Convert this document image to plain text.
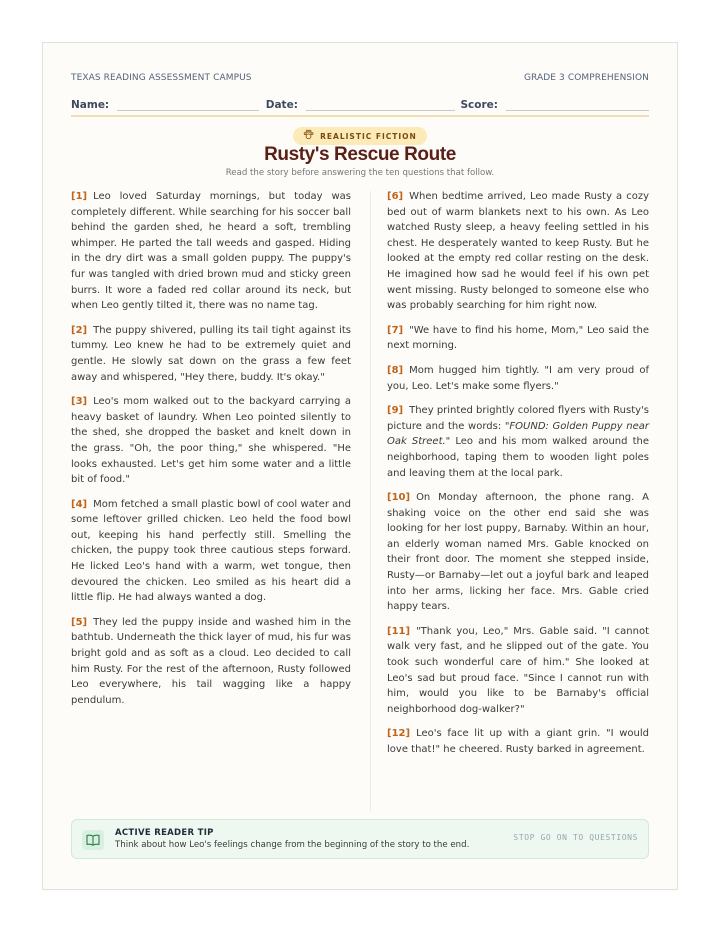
TEXAS READING ASSESSMENT CAMPUS	GRADE 3 COMPREHENSION
Name:	Date:	Score:
REALISTIC FICTION
Rusty's Rescue Route
Read the story before answering the ten questions that follow.

[1] Leo loved Saturday mornings, but today was completely different. While searching for his soccer ball behind the garden shed, he heard a soft, trembling whimper. He parted the tall weeds and gasped. Hiding in the dry dirt was a small golden puppy. The puppy's fur was tangled with dried brown mud and sticky green burrs. It wore a faded red collar around its neck, but when Leo gently tilted it, there was no name tag.

[2] The puppy shivered, pulling its tail tight against its tummy. Leo knew he had to be extremely quiet and gentle. He slowly sat down on the grass a few feet away and whispered, "Hey there, buddy. It's okay."

[3] Leo's mom walked out to the backyard carrying a heavy basket of laundry. When Leo pointed silently to the shed, she dropped the basket and knelt down in the grass. "Oh, the poor thing," she whispered. "He looks exhausted. Let's get him some water and a little bit of food."

[4] Mom fetched a small plastic bowl of cool water and some leftover grilled chicken. Leo held the food bowl out, keeping his hand perfectly still. Smelling the chicken, the puppy took three cautious steps forward. He licked Leo's hand with a warm, wet tongue, then devoured the chicken. Leo smiled as his heart did a little flip. He had always wanted a dog.

[5] They led the puppy inside and washed him in the bathtub. Underneath the thick layer of mud, his fur was bright gold and as soft as a cloud. Leo decided to call him Rusty. For the rest of the afternoon, Rusty followed Leo everywhere, his tail wagging like a happy pendulum.

[6] When bedtime arrived, Leo made Rusty a cozy bed out of warm blankets next to his own. As Leo watched Rusty sleep, a heavy feeling settled in his chest. He desperately wanted to keep Rusty. But he looked at the empty red collar resting on the desk. He imagined how sad he would feel if his own pet went missing. Rusty belonged to someone else who was probably searching for him right now.

[7] "We have to find his home, Mom," Leo said the next morning.

[8] Mom hugged him tightly. "I am very proud of you, Leo. Let's make some flyers."

[9] They printed brightly colored flyers with Rusty's picture and the words: "FOUND: Golden Puppy near Oak Street." Leo and his mom walked around the neighborhood, taping them to wooden light poles and leaving them at the local park.

[10] On Monday afternoon, the phone rang. A shaking voice on the other end said she was looking for her lost puppy, Barnaby. Within an hour, an elderly woman named Mrs. Gable knocked on their front door. The moment she stepped inside, Rusty—or Barnaby—let out a joyful bark and leaped into her arms, licking her face. Mrs. Gable cried happy tears.

[11] "Thank you, Leo," Mrs. Gable said. "I cannot walk very fast, and he slipped out of the gate. You took such wonderful care of him." She looked at Leo's sad but proud face. "Since I cannot run with him, would you like to be Barnaby's official neighborhood dog-walker?"

[12] Leo's face lit up with a giant grin. "I would love that!" he cheered. Rusty barked in agreement.

ACTIVE READER TIP
Think about how Leo's feelings change from the beginning of the story to the end.
STOP GO ON TO QUESTIONS
